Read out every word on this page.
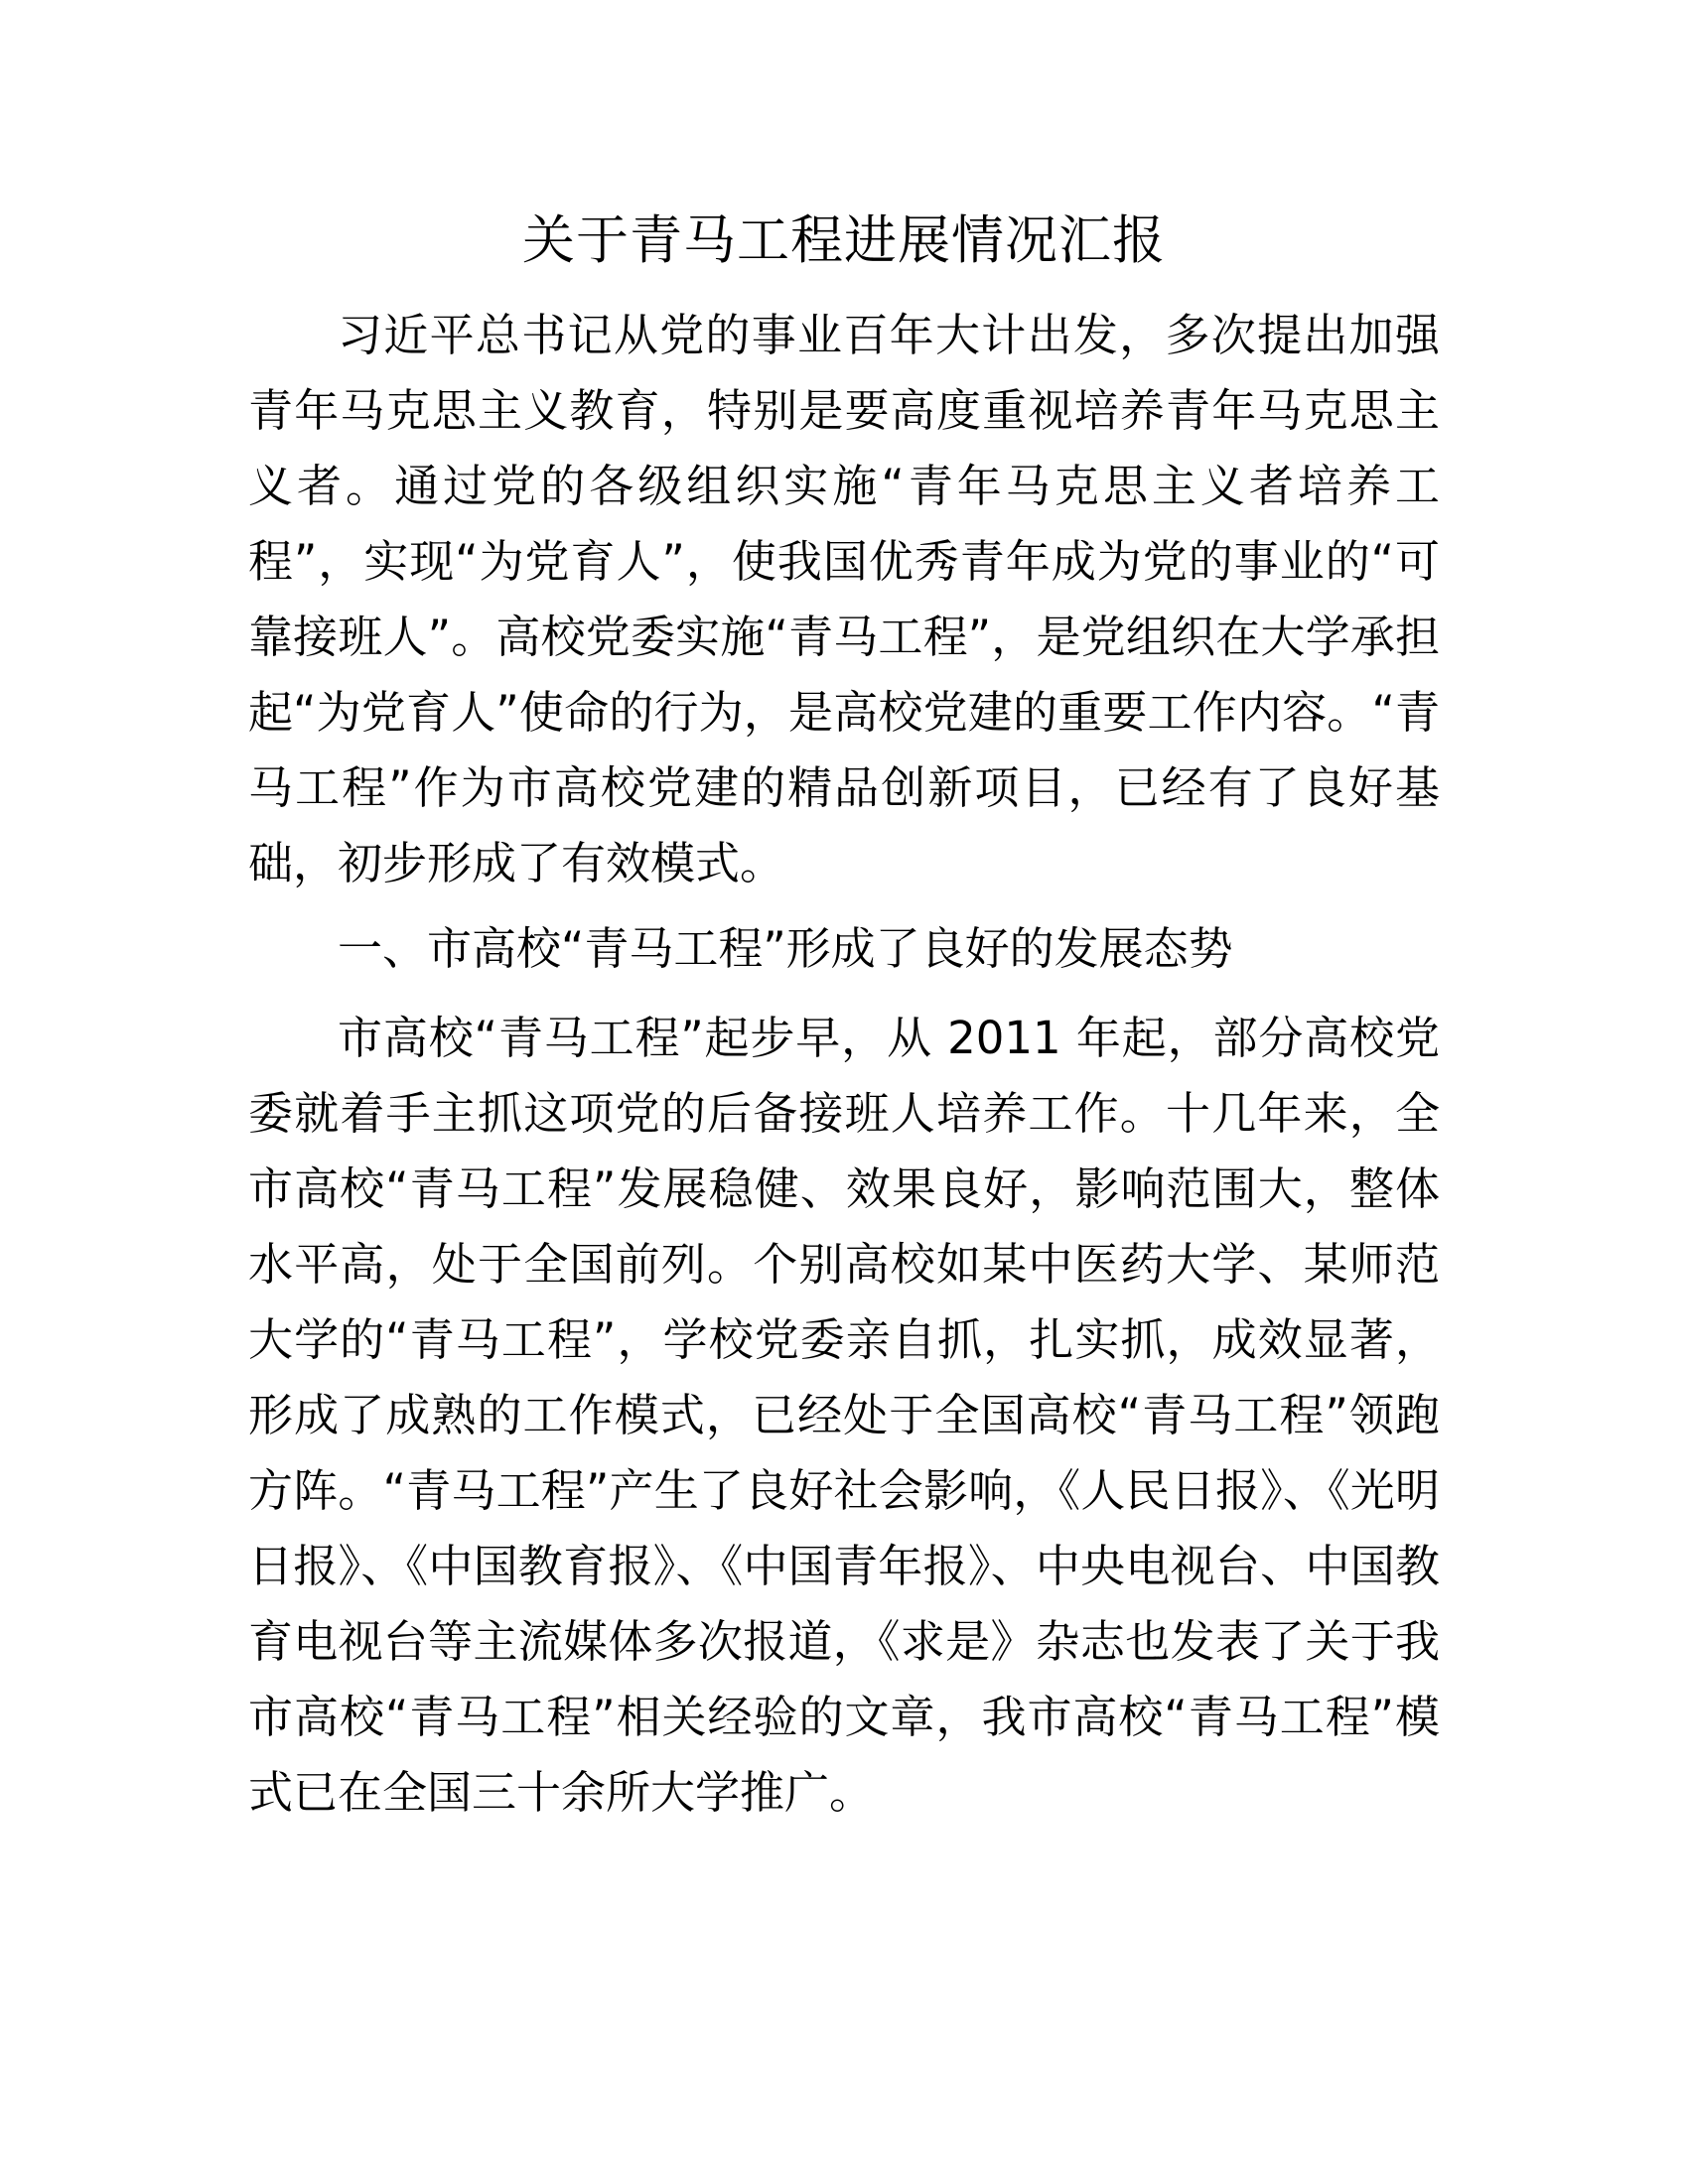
关于青马工程进展情况汇报

习近平总书记从党的事业百年大计出发，多次提出加强青年马克思主义教育，特别是要高度重视培养青年马克思主义者。通过党的各级组织实施“青年马克思主义者培养工程”，实现“为党育人”，使我国优秀青年成为党的事业的“可靠接班人”。高校党委实施“青马工程”，是党组织在大学承担起“为党育人”使命的行为，是高校党建的重要工作内容。“青马工程”作为市高校党建的精品创新项目，已经有了良好基础，初步形成了有效模式。

一、市高校“青马工程”形成了良好的发展态势

市高校“青马工程”起步早，从 2011 年起，部分高校党委就着手主抓这项党的后备接班人培养工作。十几年来，全市高校“青马工程”发展稳健、效果良好，影响范围大，整体水平高，处于全国前列。个别高校如某中医药大学、某师范大学的“青马工程”，学校党委亲自抓，扎实抓，成效显著，形成了成熟的工作模式，已经处于全国高校“青马工程”领跑方阵。“青马工程”产生了良好社会影响，《人民日报》、《光明日报》、《中国教育报》、《中国青年报》、中央电视台、中国教育电视台等主流媒体多次报道，《求是》杂志也发表了关于我市高校“青马工程”相关经验的文章，我市高校“青马工程”模式已在全国三十余所大学推广。
